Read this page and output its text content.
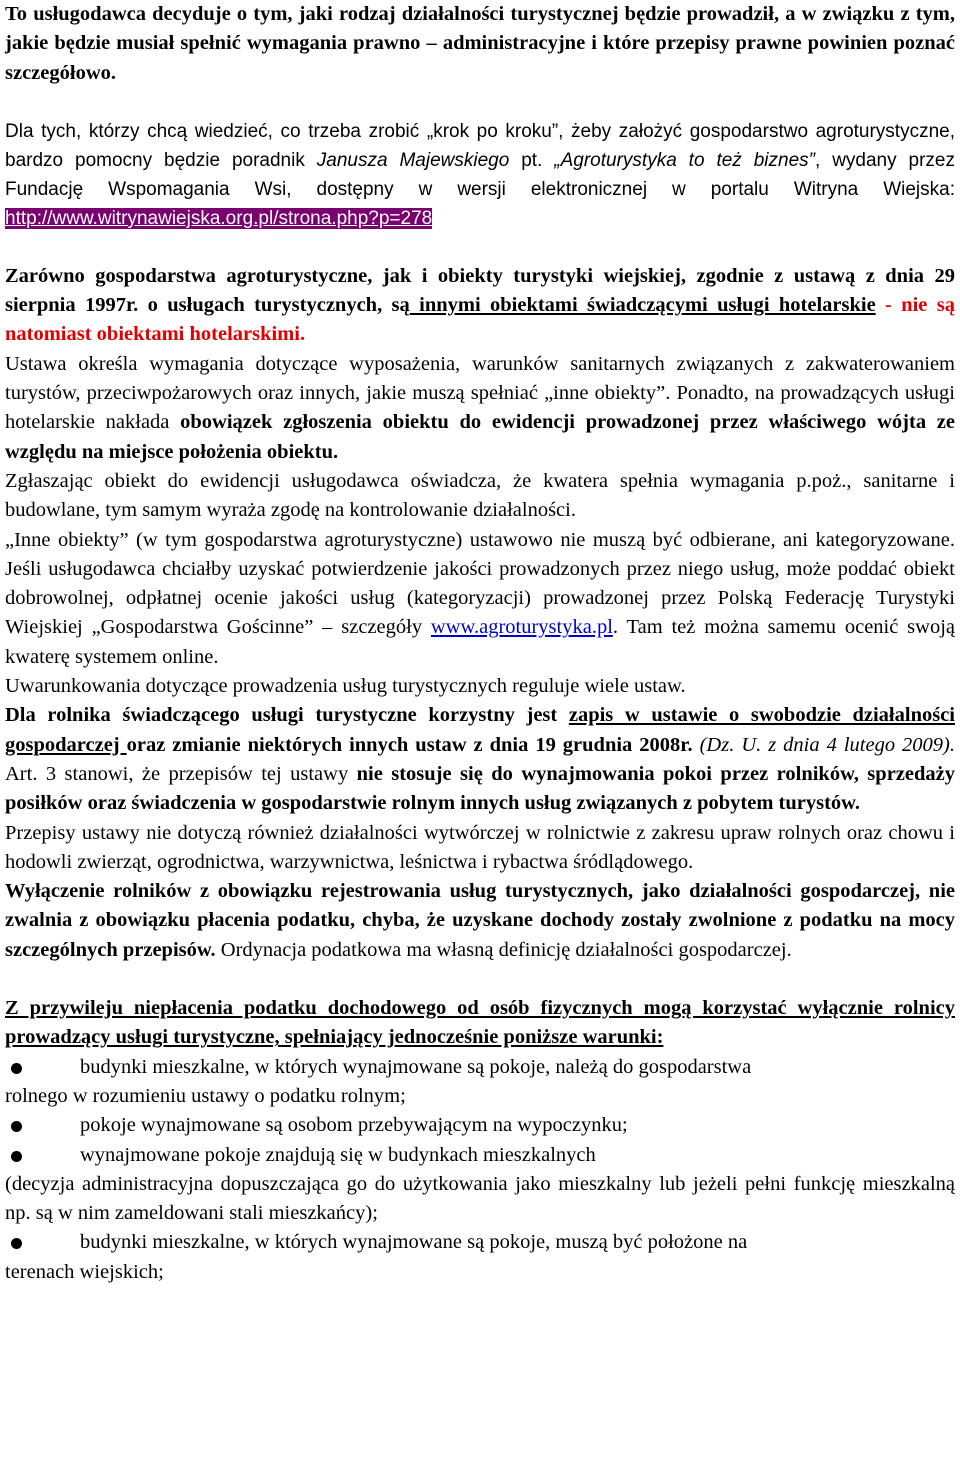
To usługodawca decyduje o tym, jaki rodzaj działalności turystycznej będzie prowadził, a w związku z tym, jakie będzie musiał spełnić wymagania prawno – administracyjne i które przepisy prawne powinien poznać szczegółowo.

Dla tych, którzy chcą wiedzieć, co trzeba zrobić „krok po kroku”, żeby założyć gospodarstwo agroturystyczne, bardzo pomocny będzie poradnik Janusza Majewskiego pt. „Agroturystyka to też biznes”, wydany przez Fundację Wspomagania Wsi, dostępny w wersji elektronicznej w portalu Witryna Wiejska: http://www.witrynawiejska.org.pl/strona.php?p=278

Zarówno gospodarstwa agroturystyczne, jak i obiekty turystyki wiejskiej, zgodnie z ustawą z dnia 29 sierpnia 1997r. o usługach turystycznych, są innymi obiektami świadczącymi usługi hotelarskie - nie są natomiast obiektami hotelarskimi.

Ustawa określa wymagania dotyczące wyposażenia, warunków sanitarnych związanych z zakwaterowaniem turystów, przeciwpożarowych oraz innych, jakie muszą spełniać „inne obiekty”. Ponadto, na prowadzących usługi hotelarskie nakłada obowiązek zgłoszenia obiektu do ewidencji prowadzonej przez właściwego wójta ze względu na miejsce położenia obiektu.

Zgłaszając obiekt do ewidencji usługodawca oświadcza, że kwatera spełnia wymagania p.poż., sanitarne i budowlane, tym samym wyraża zgodę na kontrolowanie działalności.

„Inne obiekty” (w tym gospodarstwa agroturystyczne) ustawowo nie muszą być odbierane, ani kategoryzowane. Jeśli usługodawca chciałby uzyskać potwierdzenie jakości prowadzonych przez niego usług, może poddać obiekt dobrowolnej, odpłatnej ocenie jakości usług (kategoryzacji) prowadzonej przez Polską Federację Turystyki Wiejskiej „Gospodarstwa Gościnne” – szczegóły www.agroturystyka.pl. Tam też można samemu ocenić swoją kwaterę systemem online.

Uwarunkowania dotyczące prowadzenia usług turystycznych reguluje wiele ustaw.

Dla rolnika świadczącego usługi turystyczne korzystny jest zapis w ustawie o swobodzie działalności gospodarczej oraz zmianie niektórych innych ustaw z dnia 19 grudnia 2008r. (Dz. U. z dnia 4 lutego 2009). Art. 3 stanowi, że przepisów tej ustawy nie stosuje się do wynajmowania pokoi przez rolników, sprzedaży posiłków oraz świadczenia w gospodarstwie rolnym innych usług związanych z pobytem turystów.

Przepisy ustawy nie dotyczą również działalności wytwórczej w rolnictwie z zakresu upraw rolnych oraz chowu i hodowli zwierząt, ogrodnictwa, warzywnictwa, leśnictwa i rybactwa śródlądowego.

Wyłączenie rolników z obowiązku rejestrowania usług turystycznych, jako działalności gospodarczej, nie zwalnia z obowiązku płacenia podatku, chyba, że uzyskane dochody zostały zwolnione z podatku na mocy szczególnych przepisów. Ordynacja podatkowa ma własną definicję działalności gospodarczej.

Z przywileju niepłacenia podatku dochodowego od osób fizycznych mogą korzystać wyłącznie rolnicy prowadzący usługi turystyczne, spełniający jednocześnie poniższe warunki:

budynki mieszkalne, w których wynajmowane są pokoje, należą do gospodarstwa

rolnego w rozumieniu ustawy o podatku rolnym;

pokoje wynajmowane są osobom przebywającym na wypoczynku;
wynajmowane pokoje znajdują się w budynkach mieszkalnych

(decyzja administracyjna dopuszczająca go do użytkowania jako mieszkalny lub jeżeli pełni funkcję mieszkalną np. są w nim zameldowani stali mieszkańcy);

budynki mieszkalne, w których wynajmowane są pokoje, muszą być położone na

terenach wiejskich;
